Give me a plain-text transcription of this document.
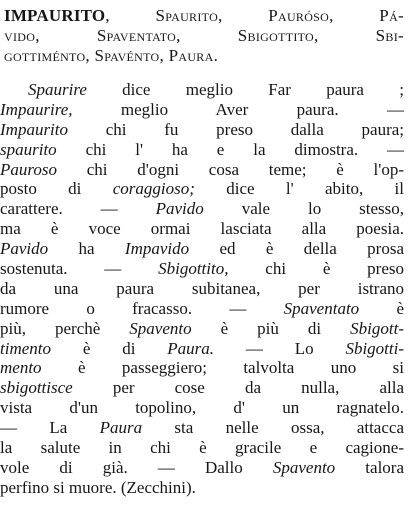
IMPAURITO, Spaurito, Pauróso, Pá-
vido, Spaventato, Sbigottito, Sbi-
gottiménto, Spavénto, Paura.
Spaurire dice meglio Far paura ;
Impaurire, meglio Aver paura. —
Impaurito chi fu preso dalla paura;
spaurito chi l' ha e la dimostra. —
Pauroso chi d'ogni cosa teme; è l'op-
posto di coraggioso; dice l' abito, il
carattere. — Pavido vale lo stesso,
ma è voce ormai lasciata alla poesia.
Pavido ha Impavido ed è della prosa
sostenuta. — Sbigottito, chi è preso
da una paura subitanea, per istrano
rumore o fracasso. — Spaventato è
più, perchè Spavento è più di Sbigott-
timento è di Paura. — Lo Sbigotti-
mento è passeggiero; talvolta uno si
sbigottisce per cose da nulla, alla
vista d'un topolino, d' un ragnatelo.
— La Paura sta nelle ossa, attacca
la salute in chi è gracile e cagione-
vole di già. — Dallo Spavento talora
perfino si muore. (Zecchini).
